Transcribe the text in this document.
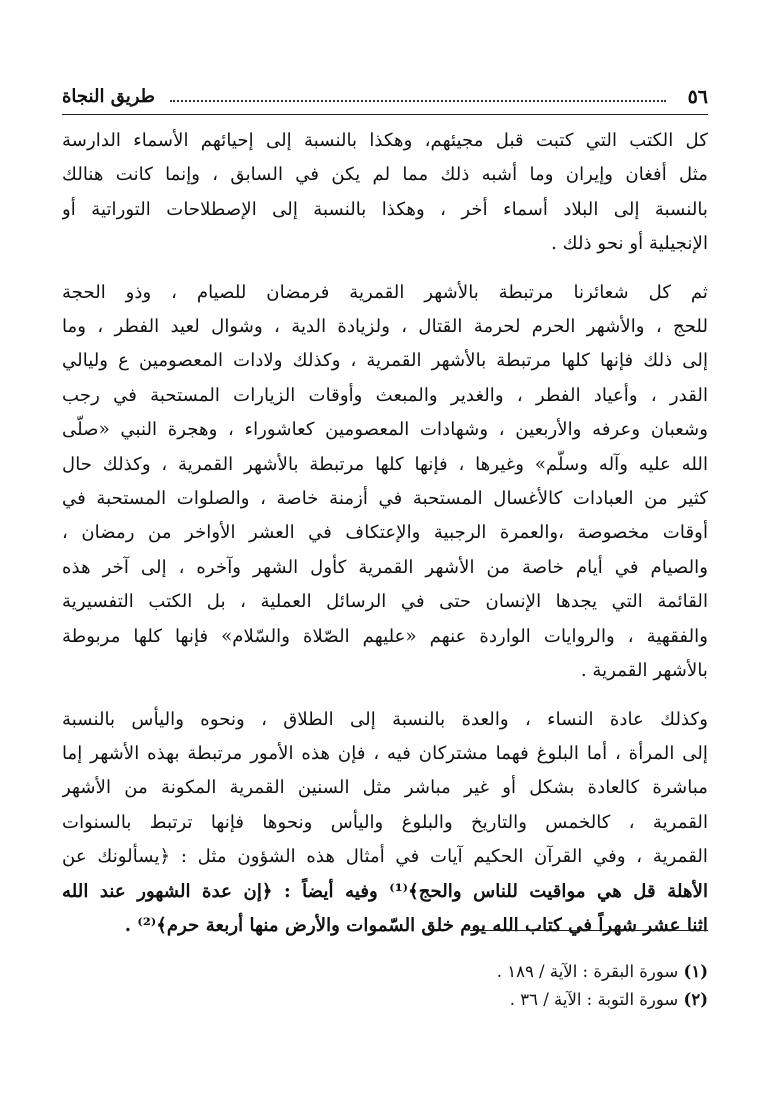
٥٦
طريق النجاة
كل الكتب التي كتبت قبل مجيئهم، وهكذا بالنسبة إلى إحيائهم الأسماء الدارسة
مثل أفغان وإيران وما أشبه ذلك مما لم يكن في السابق ، وإنما كانت هنالك
بالنسبة إلى البلاد أسماء أخر ، وهكذا بالنسبة إلى الإصطلاحات التوراتية أو
الإنجيلية أو نحو ذلك .
ثم كل شعائرنا مرتبطة بالأشهر القمرية فرمضان للصيام ، وذو الحجة
للحج ، والأشهر الحرم لحرمة القتال ، ولزيادة الدية ، وشوال لعيد الفطر ، وما
إلى ذلك فإنها كلها مرتبطة بالأشهر القمرية ، وكذلك ولادات المعصومين ع وليالي
القدر ، وأعياد الفطر ، والغدير والمبعث وأوقات الزيارات المستحبة في رجب
وشعبان وعرفه والأربعين ، وشهادات المعصومين كعاشوراء ، وهجرة النبي «صلّى
الله عليه وآله وسلّم» وغيرها ، فإنها كلها مرتبطة بالأشهر القمرية ، وكذلك حال
كثير من العبادات كالأغسال المستحبة في أزمنة خاصة ، والصلوات المستحبة في
أوقات مخصوصة ،والعمرة الرجبية والإعتكاف في العشر الأواخر من رمضان ،
والصيام في أيام خاصة من الأشهر القمرية كأول الشهر وآخره ، إلى آخر هذه
القائمة التي يجدها الإنسان حتى في الرسائل العملية ، بل الكتب التفسيرية
والفقهية ، والروايات الواردة عنهم «عليهم الصّلاة والسّلام» فإنها كلها مربوطة
بالأشهر القمرية .
وكذلك عادة النساء ، والعدة بالنسبة إلى الطلاق ، ونحوه واليأس بالنسبة
إلى المرأة ، أما البلوغ فهما مشتركان فيه ، فإن هذه الأمور مرتبطة بهذه الأشهر إما
مباشرة كالعادة بشكل أو غير مباشر مثل السنين القمرية المكونة من الأشهر
القمرية ، كالخمس والتاريخ والبلوغ واليأس ونحوها فإنها ترتبط بالسنوات
القمرية ، وفي القرآن الحكيم آيات في أمثال هذه الشؤون مثل : ﴿يسألونك عن
الأهلة قل هي مواقيت للناس والحج﴾⁽¹⁾ وفيه أيضاً : ﴿إن عدة الشهور عند الله
اثنا عشر شهراً في كتاب الله يوم خلق السّموات والأرض منها أربعة حرم﴾⁽²⁾ .
(١) سورة البقرة : الآية / ١٨٩ .
(٢) سورة التوبة : الآية / ٣٦ .
